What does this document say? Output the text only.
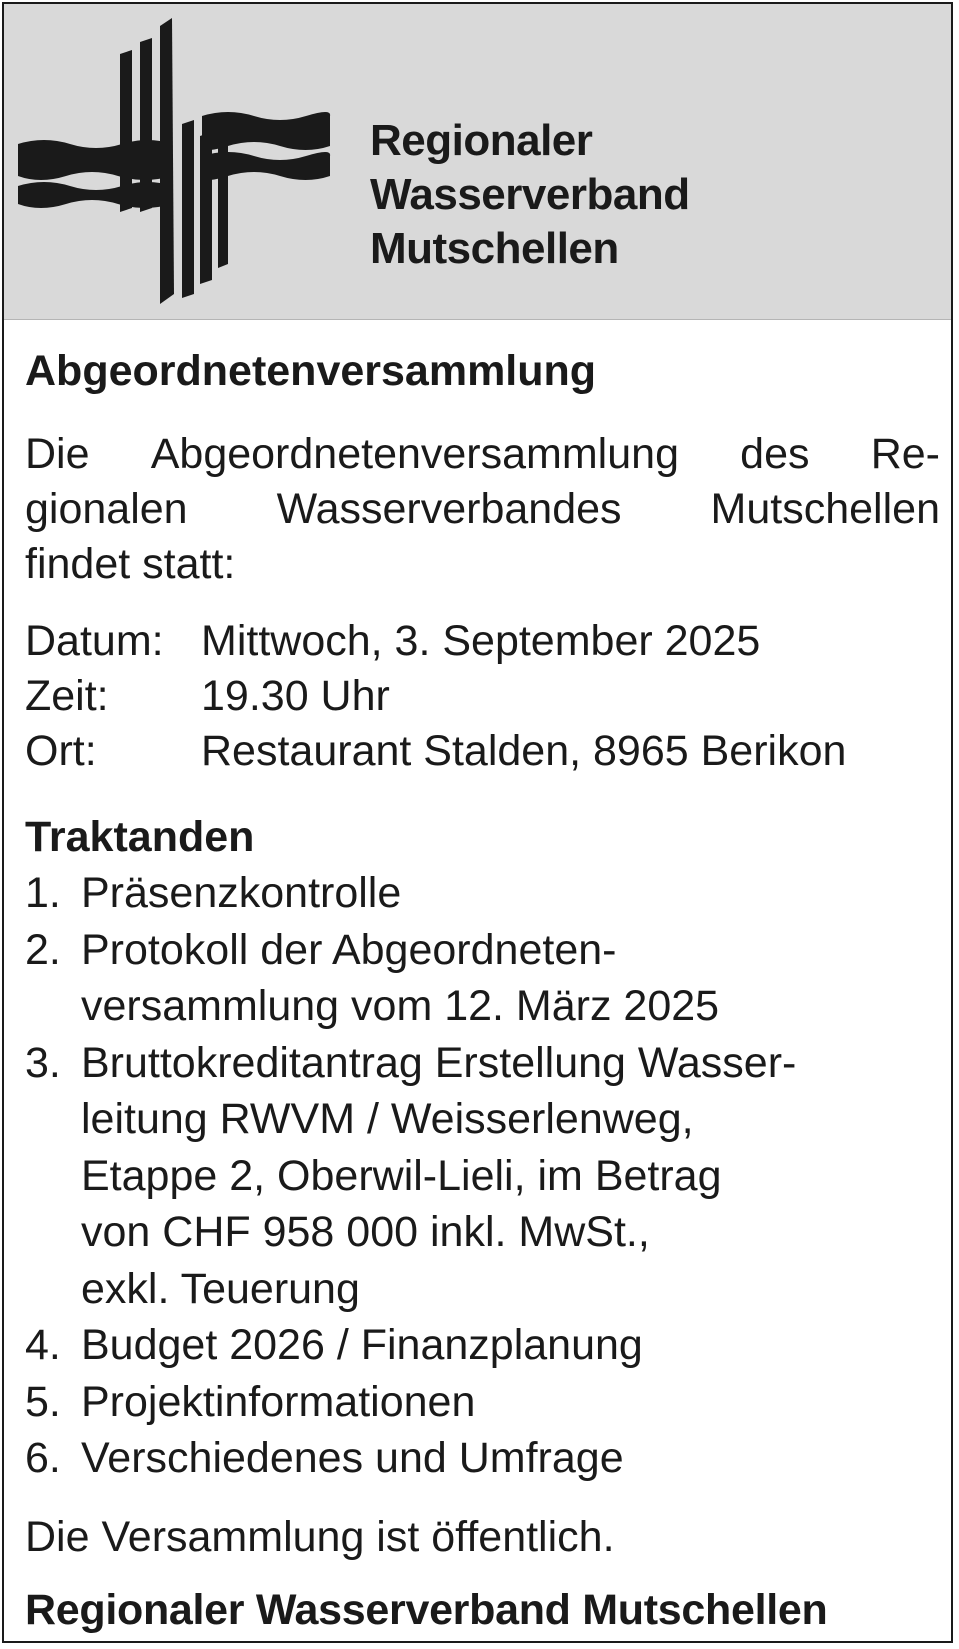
Regionaler
Wasserverband
Mutschellen
Abgeordnetenversammlung
Die Abgeordnetenversammlung des Re-
gionalen Wasserverbandes Mutschellen
findet statt:
Datum: Mittwoch, 3. September 2025
Zeit:	19.30 Uhr
Ort:	Restaurant Stalden, 8965 Berikon
Traktanden
1. Präsenzkontrolle
2. Protokoll der Abgeordneten-
versammlung vom 12. März 2025
3. Bruttokreditantrag Erstellung Wasser-
leitung RWVM / Weisserlenweg,
Etappe 2, Oberwil-Lieli, im Betrag
von CHF 958 000 inkl. MwSt.,
exkl. Teuerung
4. Budget 2026 / Finanzplanung
5. Projektinformationen
6. Verschiedenes und Umfrage
Die Versammlung ist öffentlich.
Regionaler Wasserverband Mutschellen
